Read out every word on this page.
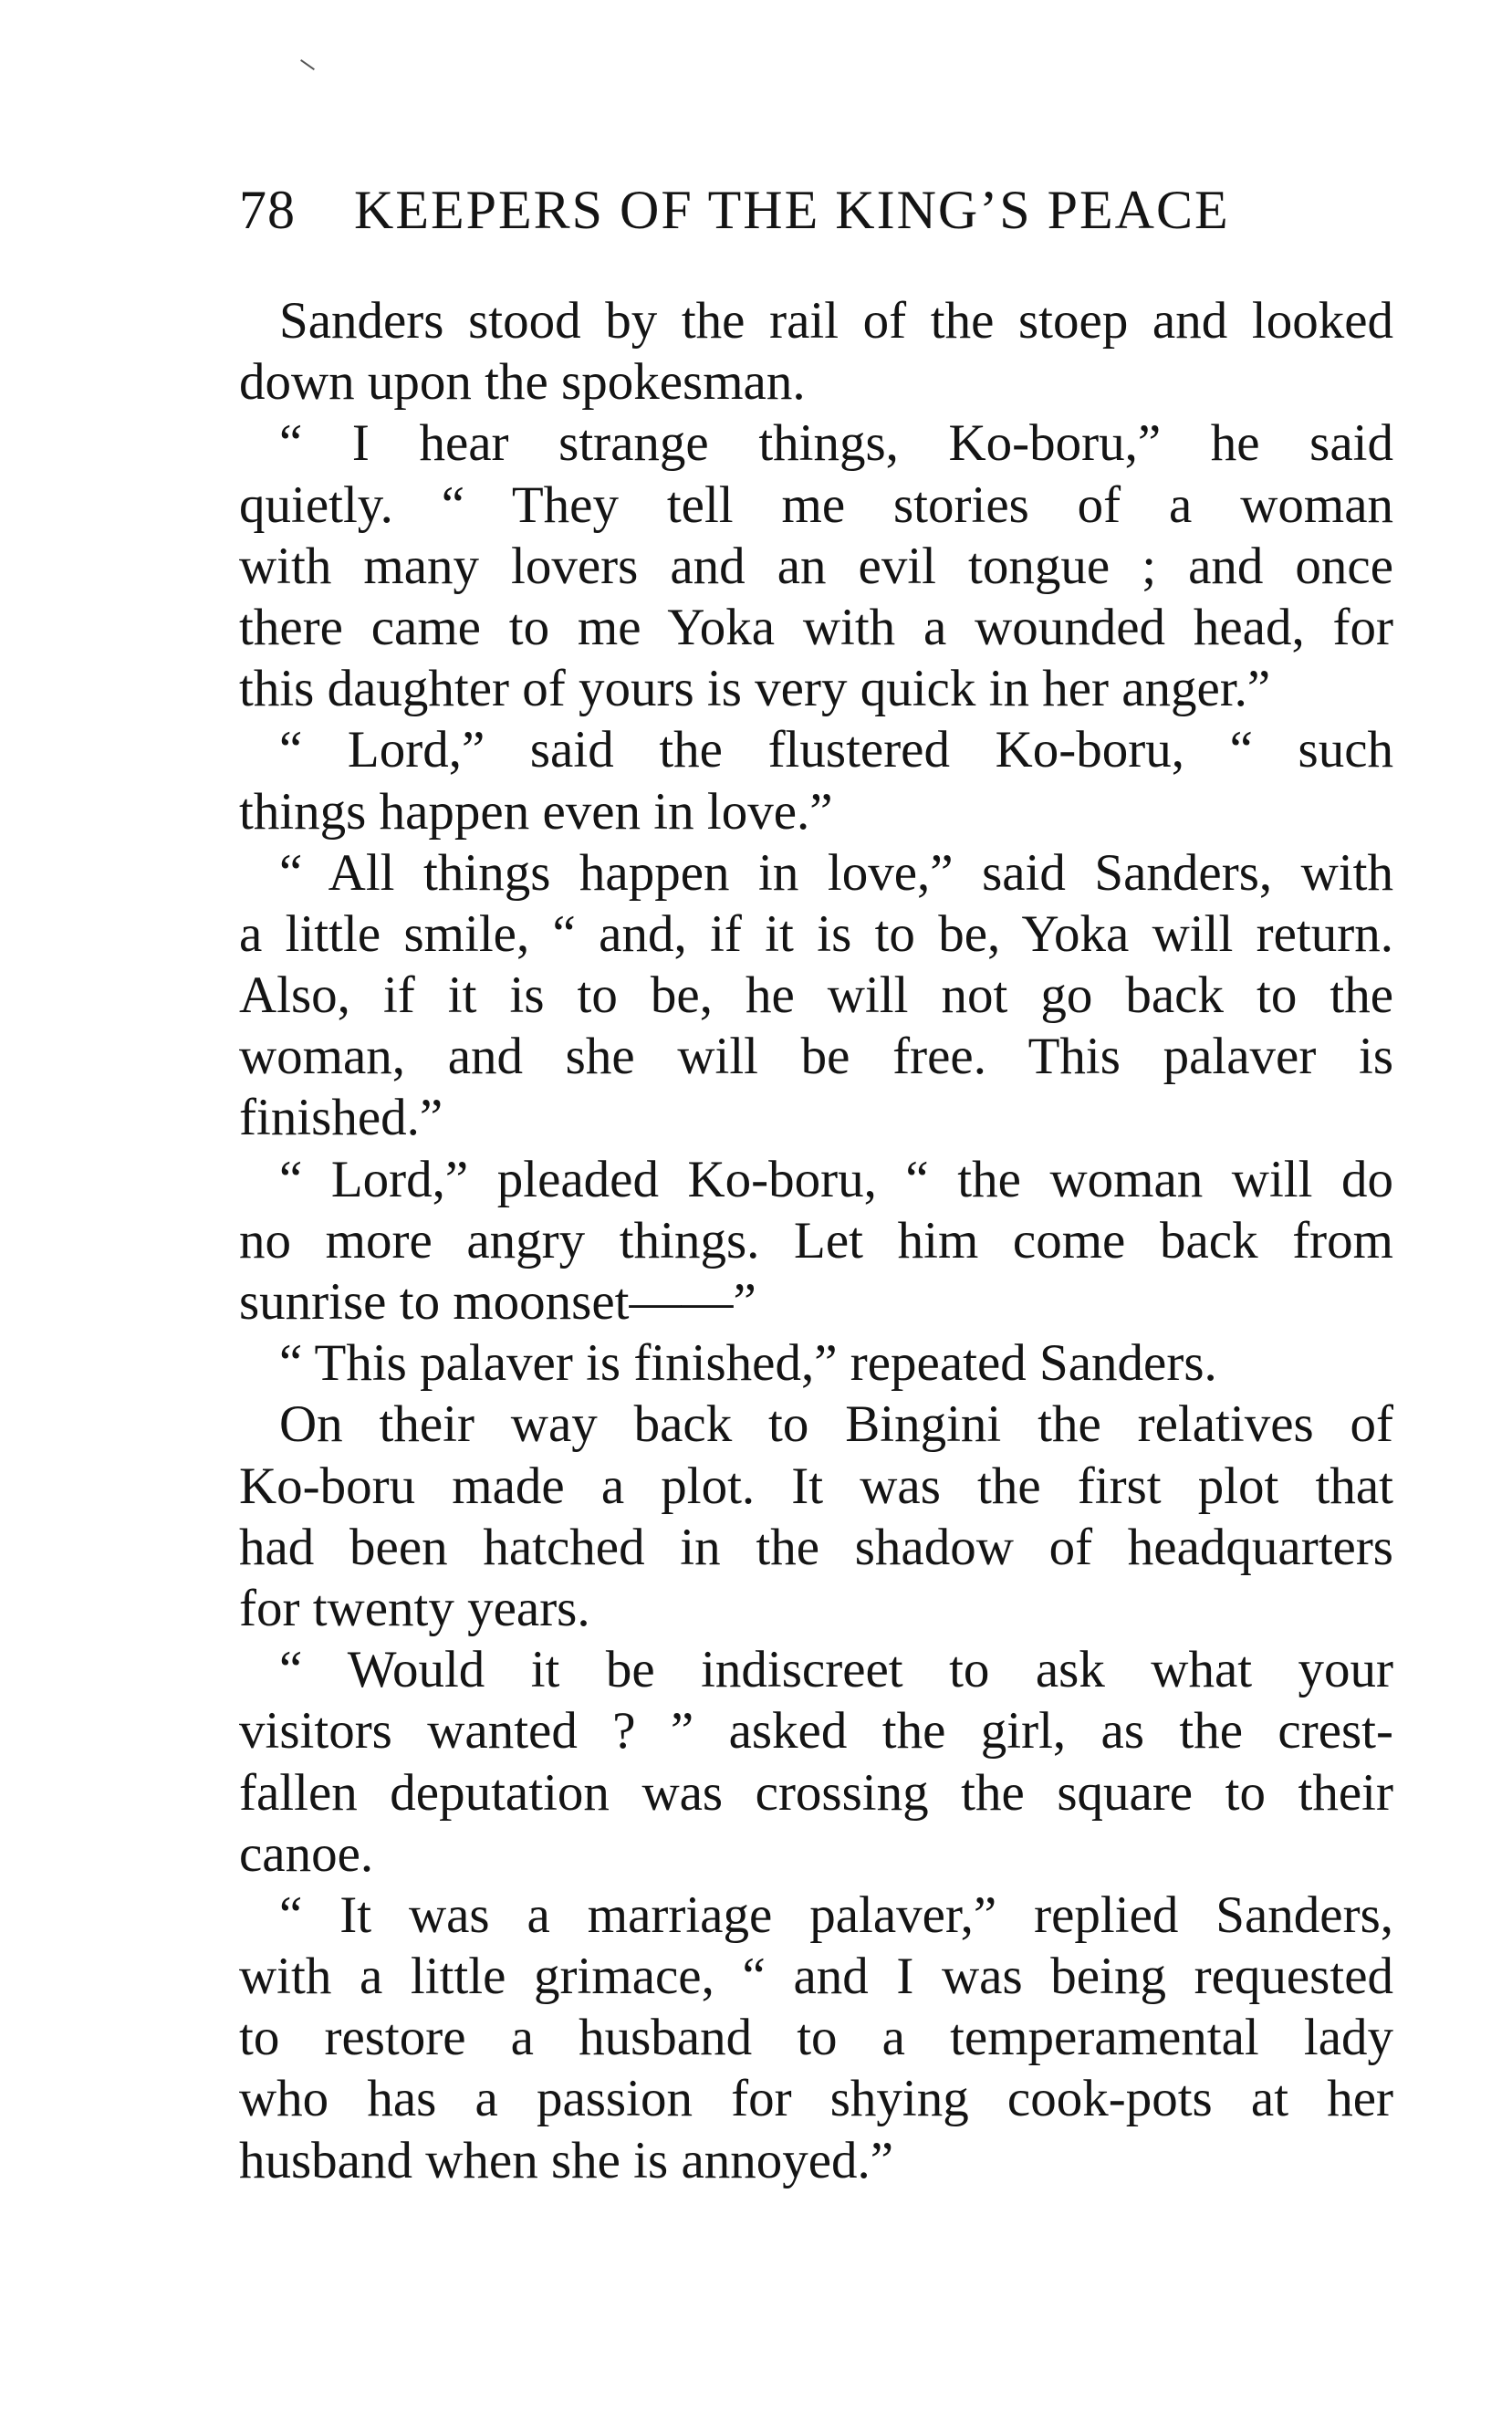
78 KEEPERS OF THE KING’S PEACE
Sanders stood by the rail of the stoep and looked
down upon the spokesman.
“ I hear strange things, Ko-boru,” he said
quietly. “ They tell me stories of a woman
with many lovers and an evil tongue ; and once
there came to me Yoka with a wounded head, for
this daughter of yours is very quick in her anger.”
“ Lord,” said the flustered Ko-boru, “ such
things happen even in love.”
“ All things happen in love,” said Sanders, with
a little smile, “ and, if it is to be, Yoka will return.
Also, if it is to be, he will not go back to the
woman, and she will be free. This palaver is
finished.”
“ Lord,” pleaded Ko-boru, “ the woman will do
no more angry things. Let him come back from
sunrise to moonset——”
“ This palaver is finished,” repeated Sanders.
On their way back to Bingini the relatives of
Ko-boru made a plot. It was the first plot that
had been hatched in the shadow of headquarters
for twenty years.
“ Would it be indiscreet to ask what your
visitors wanted ? ” asked the girl, as the crest-
fallen deputation was crossing the square to their
canoe.
“ It was a marriage palaver,” replied Sanders,
with a little grimace, “ and I was being requested
to restore a husband to a temperamental lady
who has a passion for shying cook-pots at her
husband when she is annoyed.”
